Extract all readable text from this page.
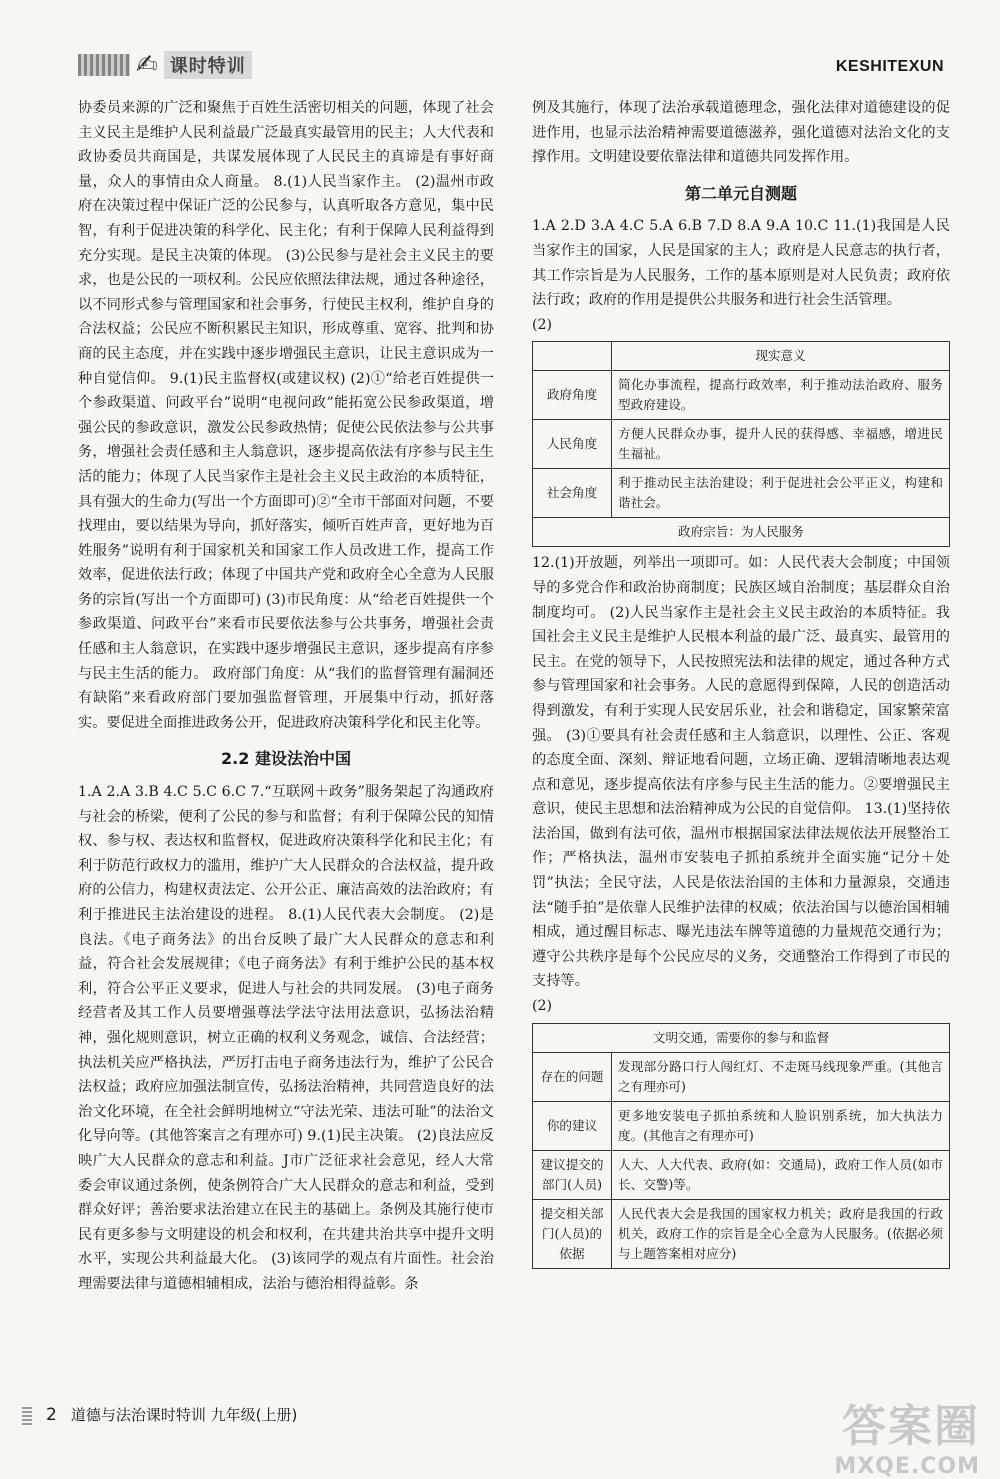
✍ 课时特训	KESHITEXUN

协委员来源的广泛和聚焦于百姓生活密切相关的问题，体现了社会主义民主是维护人民利益最广泛最真实最管用的民主；人大代表和政协委员共商国是，共谋发展体现了人民民主的真谛是有事好商量，众人的事情由众人商量。 8.(1)人民当家作主。 (2)温州市政府在决策过程中保证广泛的公民参与，认真听取各方意见，集中民智，有利于促进决策的科学化、民主化；有利于保障人民利益得到充分实现。是民主决策的体现。 (3)公民参与是社会主义民主的要求，也是公民的一项权利。公民应依照法律法规，通过各种途径，以不同形式参与管理国家和社会事务，行使民主权利，维护自身的合法权益；公民应不断积累民主知识，形成尊重、宽容、批判和协商的民主态度，并在实践中逐步增强民主意识，让民主意识成为一种自觉信仰。 9.(1)民主监督权(或建议权) (2)①“给老百姓提供一个参政渠道、问政平台”说明“电视问政”能拓宽公民参政渠道，增强公民的参政意识，激发公民参政热情；促使公民依法参与公共事务，增强社会责任感和主人翁意识，逐步提高依法有序参与民主生活的能力；体现了人民当家作主是社会主义民主政治的本质特征，具有强大的生命力(写出一个方面即可)②“全市干部面对问题，不要找理由，要以结果为导向，抓好落实，倾听百姓声音，更好地为百姓服务”说明有利于国家机关和国家工作人员改进工作，提高工作效率，促进依法行政；体现了中国共产党和政府全心全意为人民服务的宗旨(写出一个方面即可) (3)市民角度：从“给老百姓提供一个参政渠道、问政平台”来看市民要依法参与公共事务，增强社会责任感和主人翁意识，在实践中逐步增强民主意识，逐步提高有序参与民主生活的能力。 政府部门角度：从“我们的监督管理有漏洞还有缺陷”来看政府部门要加强监督管理，开展集中行动，抓好落实。要促进全面推进政务公开，促进政府决策科学化和民主化等。

2.2 建设法治中国

1.A 2.A 3.B 4.C 5.C 6.C 7.“互联网＋政务”服务架起了沟通政府与社会的桥梁，便利了公民的参与和监督；有利于保障公民的知情权、参与权、表达权和监督权，促进政府决策科学化和民主化；有利于防范行政权力的滥用，维护广大人民群众的合法权益，提升政府的公信力，构建权责法定、公开公正、廉洁高效的法治政府；有利于推进民主法治建设的进程。 8.(1)人民代表大会制度。 (2)是良法。《电子商务法》的出台反映了最广大人民群众的意志和利益，符合社会发展规律；《电子商务法》有利于维护公民的基本权利，符合公平正义要求，促进人与社会的共同发展。 (3)电子商务经营者及其工作人员要增强尊法学法守法用法意识，弘扬法治精神，强化规则意识，树立正确的权利义务观念，诚信、合法经营；执法机关应严格执法，严厉打击电子商务违法行为，维护了公民合法权益；政府应加强法制宣传，弘扬法治精神，共同营造良好的法治文化环境，在全社会鲜明地树立“守法光荣、违法可耻”的法治文化导向等。(其他答案言之有理亦可) 9.(1)民主决策。 (2)良法应反映广大人民群众的意志和利益。J市广泛征求社会意见，经人大常委会审议通过条例，使条例符合广大人民群众的意志和利益，受到群众好评；善治要求法治建立在民主的基础上。条例及其施行使市民有更多参与文明建设的机会和权利，在共建共治共享中提升文明水平，实现公共利益最大化。 (3)该同学的观点有片面性。社会治理需要法律与道德相辅相成，法治与德治相得益彰。条

例及其施行，体现了法治承载道德理念，强化法律对道德建设的促进作用，也显示法治精神需要道德滋养，强化道德对法治文化的支撑作用。文明建设要依靠法律和道德共同发挥作用。

第二单元自测题

1.A 2.D 3.A 4.C 5.A 6.B 7.D 8.A 9.A 10.C 11.(1)我国是人民当家作主的国家，人民是国家的主人；政府是人民意志的执行者，其工作宗旨是为人民服务，工作的基本原则是对人民负责；政府依法行政；政府的作用是提供公共服务和进行社会生活管理。

(2)

	现实意义
政府角度	简化办事流程，提高行政效率，利于推动法治政府、服务型政府建设。
人民角度	方便人民群众办事，提升人民的获得感、幸福感，增进民生福祉。
社会角度	利于推动民主法治建设；利于促进社会公平正义，构建和谐社会。
政府宗旨：为人民服务	

12.(1)开放题，列举出一项即可。如：人民代表大会制度；中国领导的多党合作和政治协商制度；民族区域自治制度；基层群众自治制度均可。 (2)人民当家作主是社会主义民主政治的本质特征。我国社会主义民主是维护人民根本利益的最广泛、最真实、最管用的民主。在党的领导下，人民按照宪法和法律的规定，通过各种方式参与管理国家和社会事务。人民的意愿得到保障，人民的创造活动得到激发，有利于实现人民安居乐业，社会和谐稳定，国家繁荣富强。 (3)①要具有社会责任感和主人翁意识，以理性、公正、客观的态度全面、深刻、辩证地看问题，立场正确、逻辑清晰地表达观点和意见，逐步提高依法有序参与民主生活的能力。②要增强民主意识，使民主思想和法治精神成为公民的自觉信仰。 13.(1)坚持依法治国，做到有法可依，温州市根据国家法律法规依法开展整治工作；严格执法，温州市安装电子抓拍系统并全面实施“记分＋处罚”执法；全民守法，人民是依法治国的主体和力量源泉，交通违法“随手拍”是依靠人民维护法律的权威；依法治国与以德治国相辅相成，通过醒目标志、曝光违法车牌等道德的力量规范交通行为；遵守公共秩序是每个公民应尽的义务，交通整治工作得到了市民的支持等。

(2)

文明交通，需要你的参与和监督	
存在的问题	发现部分路口行人闯红灯、不走斑马线现象严重。(其他言之有理亦可)
你的建议	更多地安装电子抓拍系统和人脸识别系统，加大执法力度。(其他言之有理亦可)
建议提交的部门(人员)	人大、人大代表、政府(如：交通局)，政府工作人员(如市长、交警)等。
提交相关部门(人员)的依据	人民代表大会是我国的国家权力机关；政府是我国的行政机关，政府工作的宗旨是全心全意为人民服务。(依据必须与上题答案相对应分)
2 道德与法治课时特训 九年级(上册)	答案圈
MXQE.COM
